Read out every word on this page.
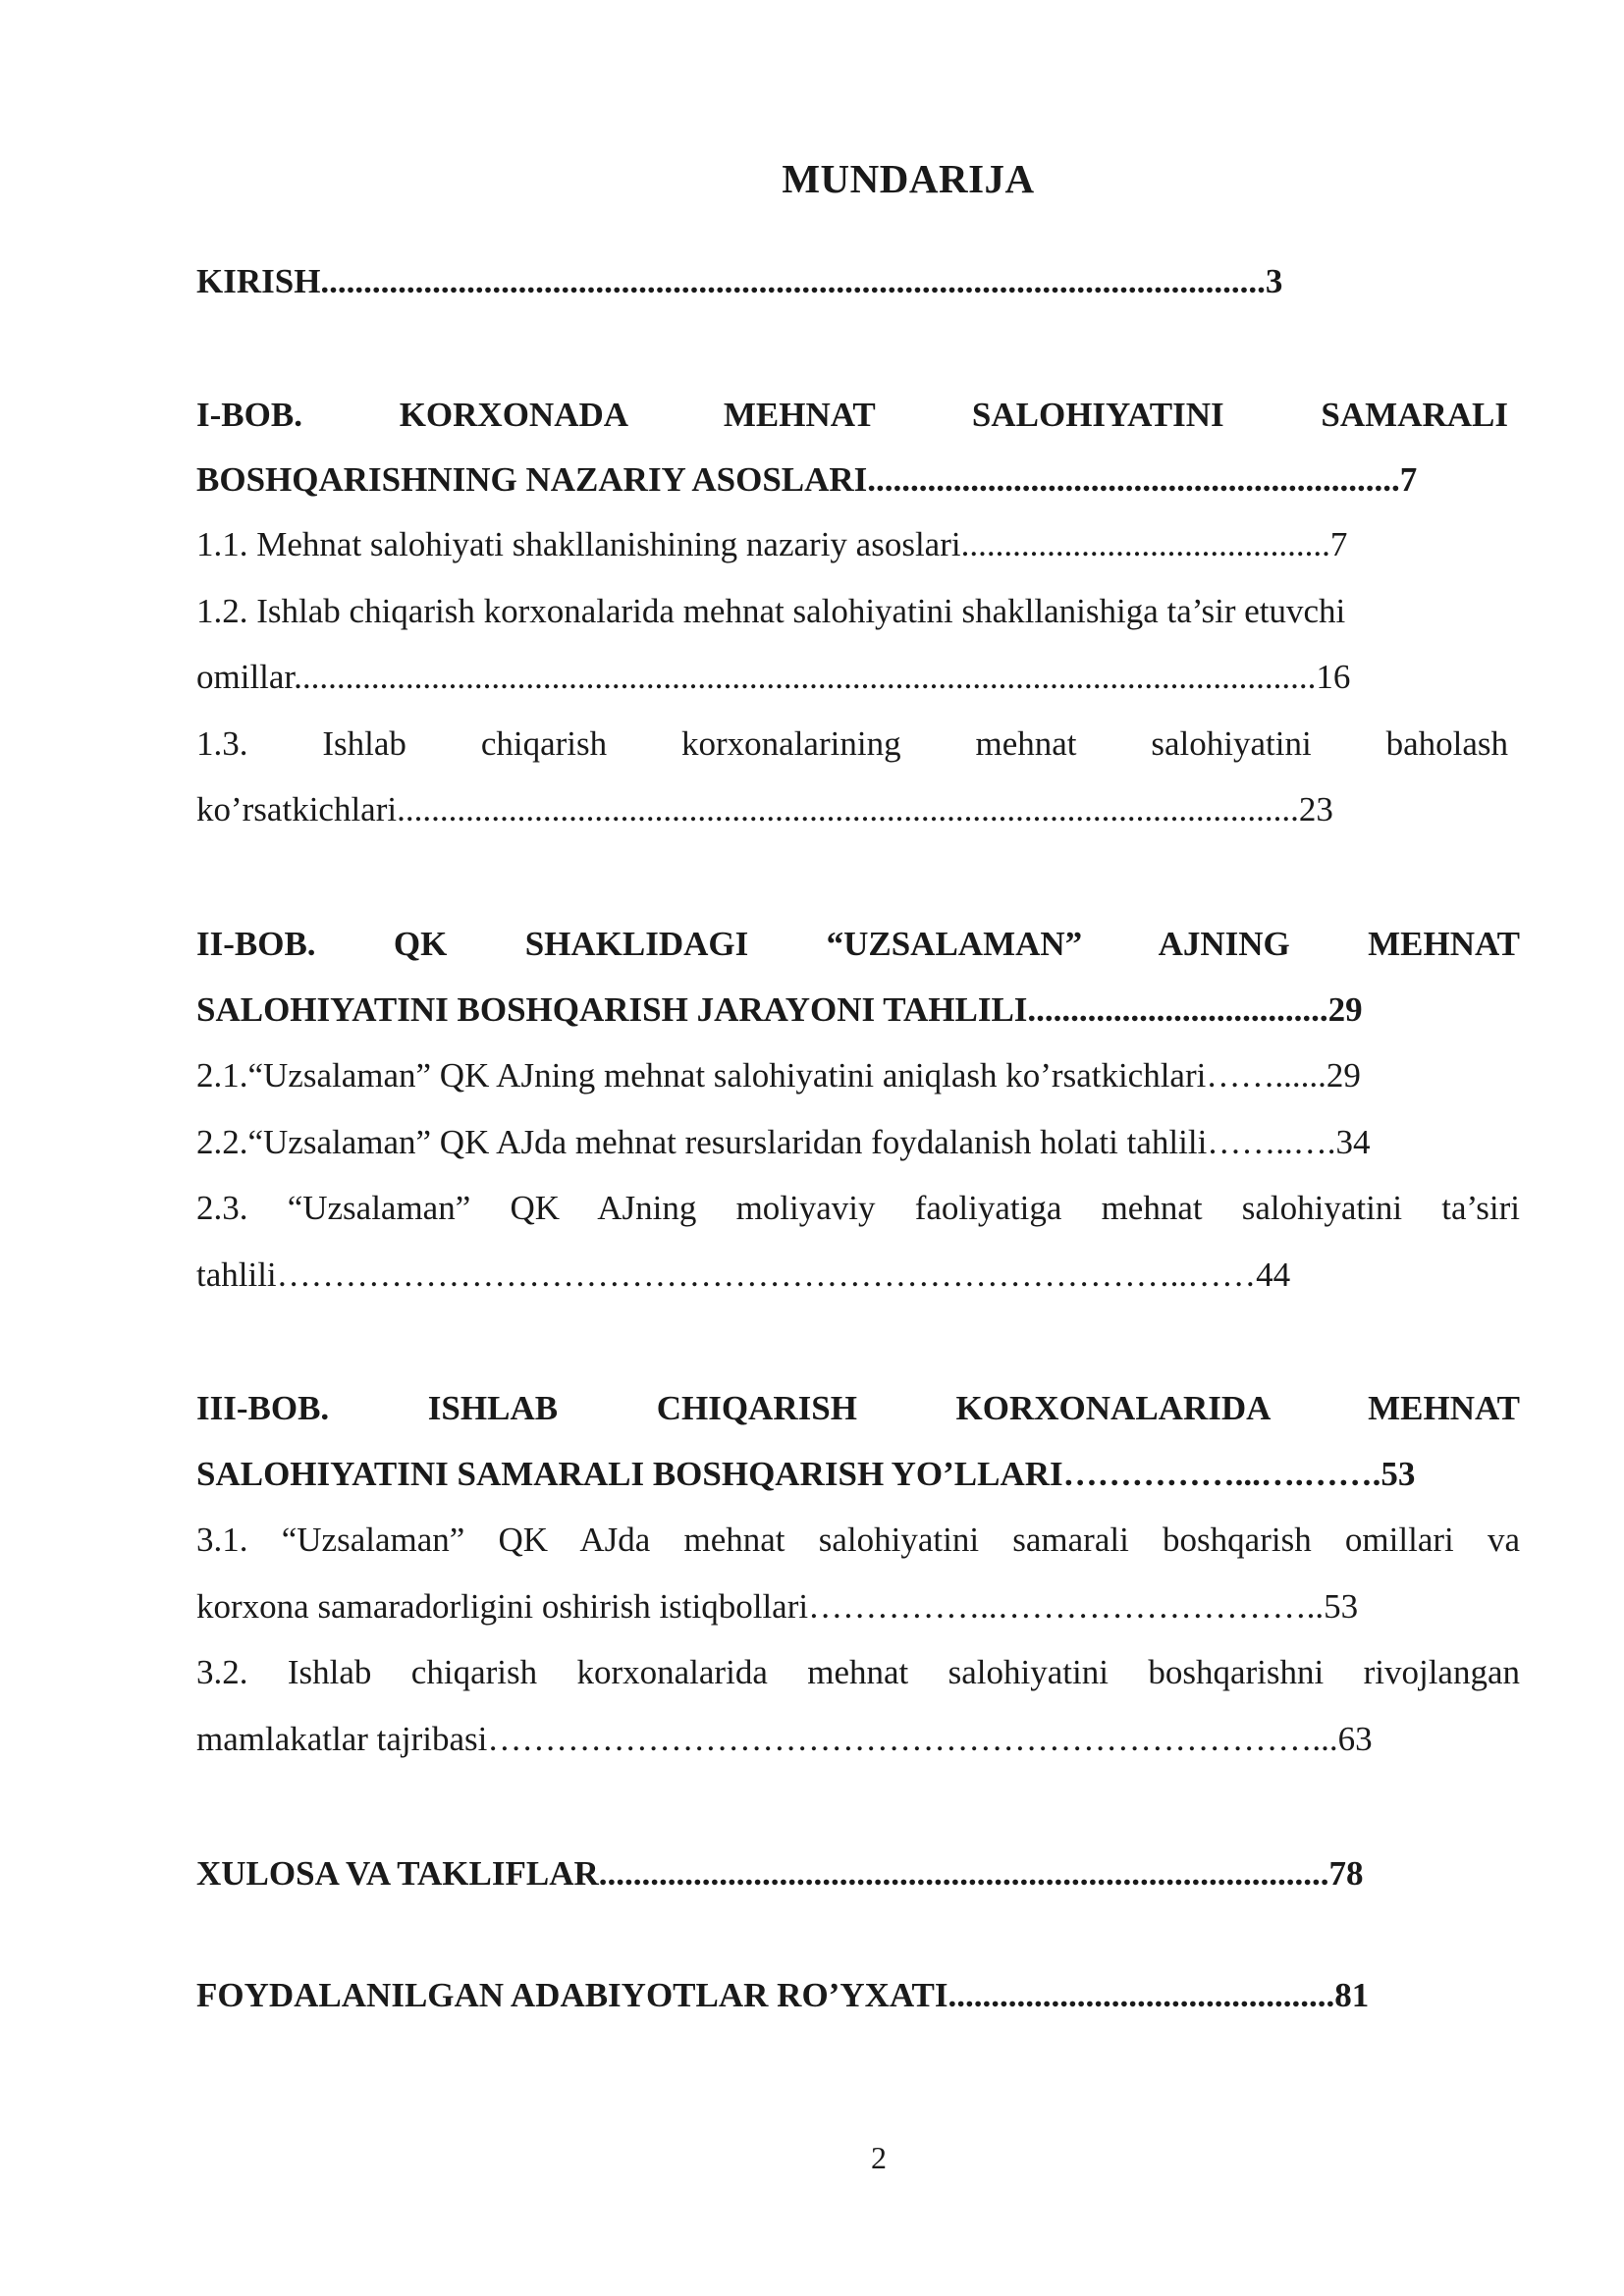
MUNDARIJA
KIRISH..............................................................................................................3
I-BOB. KORXONADA MEHNAT SALOHIYATINI SAMARALI
BOSHQARISHNING NAZARIY ASOSLARI..............................................................7
1.1. Mehnat salohiyati shakllanishining nazariy asoslari...........................................7
1.2. Ishlab chiqarish korxonalarida mehnat salohiyatini shakllanishiga ta’sir etuvchi
omillar.......................................................................................................................16
1.3. Ishlab chiqarish korxonalarining mehnat salohiyatini baholash
ko’rsatkichlari.........................................................................................................23
II-BOB. QK SHAKLIDAGI “UZSALAMAN” AJNING MEHNAT
SALOHIYATINI BOSHQARISH JARAYONI TAHLILI...................................29
2.1.“Uzsalaman” QK AJning mehnat salohiyatini aniqlash ko’rsatkichlari……......29
2.2.“Uzsalaman” QK AJda mehnat resurslaridan foydalanish holati tahlili……..….34
2.3. “Uzsalaman” QK AJning moliyaviy faoliyatiga mehnat salohiyatini ta’siri
tahlili……………………………………………………………………..……44
III-BOB. ISHLAB CHIQARISH KORXONALARIDA MEHNAT
SALOHIYATINI SAMARALI BOSHQARISH YO’LLARI……………...….…….53
3.1. “Uzsalaman” QK AJda mehnat salohiyatini samarali boshqarish omillari va
korxona samaradorligini oshirish istiqbollari……………..………………………..53
3.2. Ishlab chiqarish korxonalarida mehnat salohiyatini boshqarishni rivojlangan
mamlakatlar tajribasi………………………………………………………………...63
XULOSA VA TAKLIFLAR.....................................................................................78
FOYDALANILGAN ADABIYOTLAR RO’YXATI.............................................81
2
